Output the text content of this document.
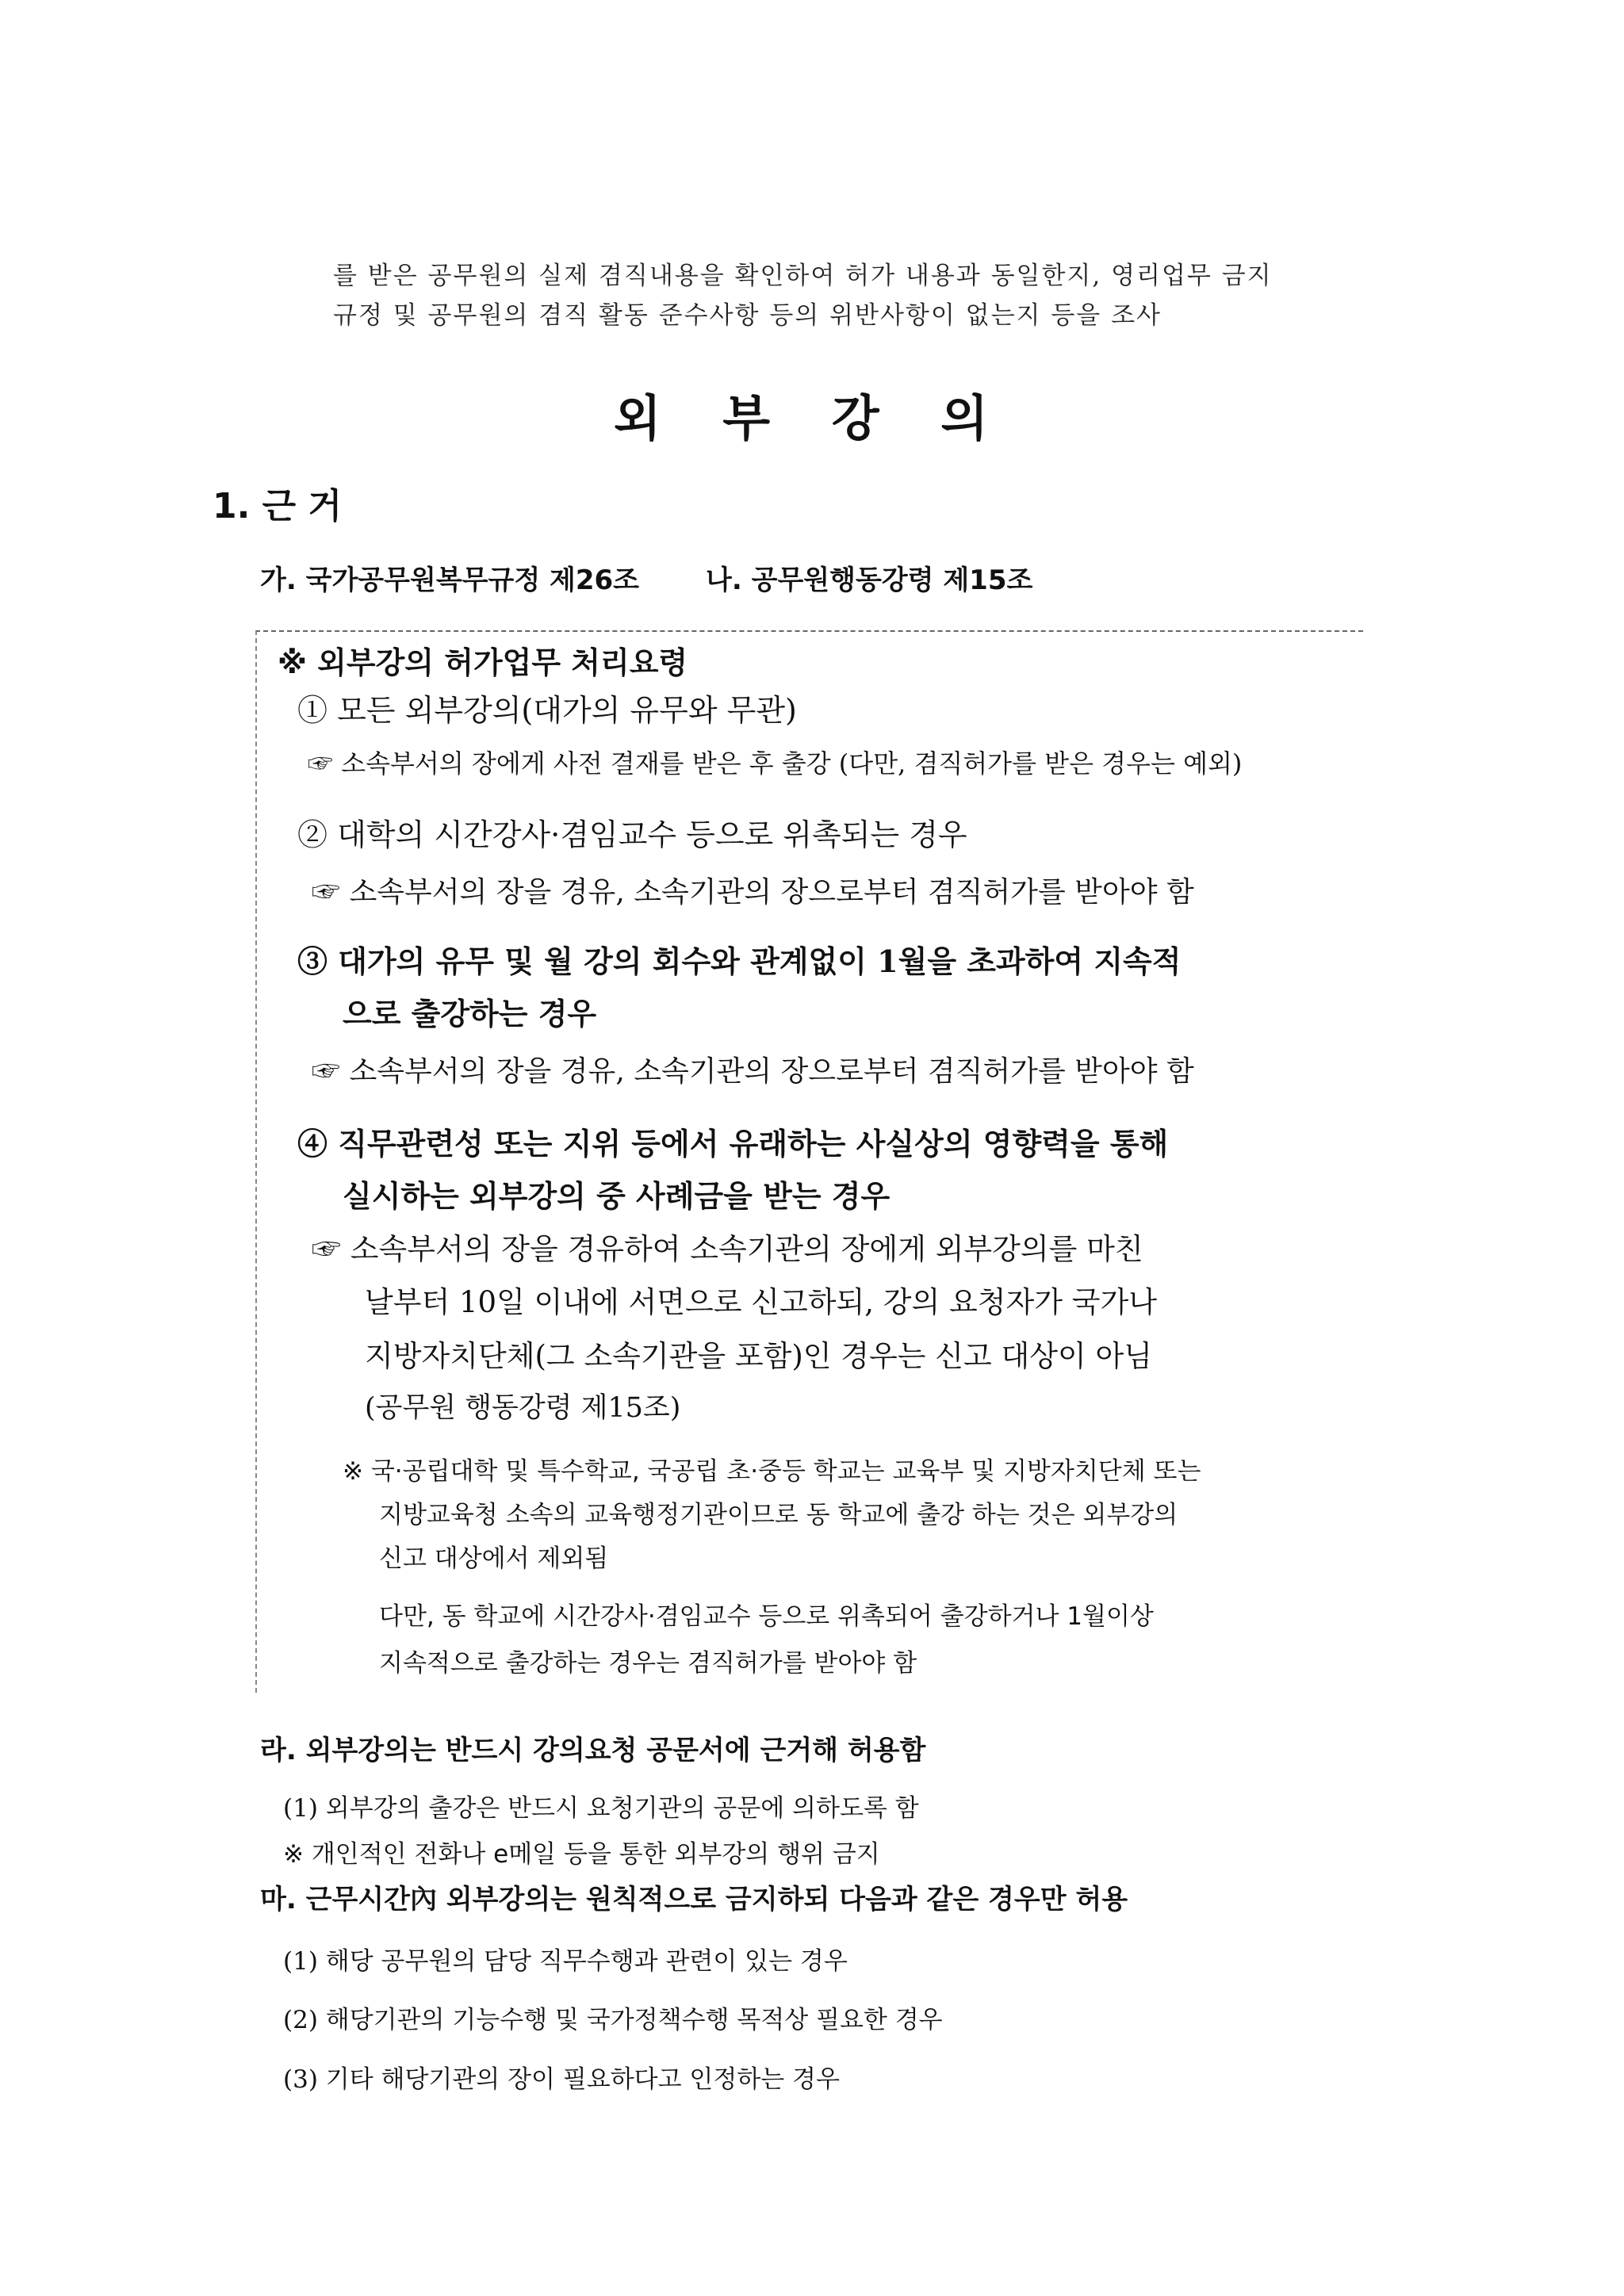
를 받은 공무원의 실제 겸직내용을 확인하여 허가 내용과 동일한지, 영리업무 금지
규정 및 공무원의 겸직 활동 준수사항 등의 위반사항이 없는지 등을 조사
외 부 강 의
1. 근 거
가. 국가공무원복무규정 제26조 나. 공무원행동강령 제15조
※ 외부강의 허가업무 처리요령
① 모든 외부강의(대가의 유무와 무관)
☞ 소속부서의 장에게 사전 결재를 받은 후 출강 (다만, 겸직허가를 받은 경우는 예외)
② 대학의 시간강사·겸임교수 등으로 위촉되는 경우
☞ 소속부서의 장을 경유, 소속기관의 장으로부터 겸직허가를 받아야 함
③ 대가의 유무 및 월 강의 회수와 관계없이 1월을 초과하여 지속적
으로 출강하는 경우
☞ 소속부서의 장을 경유, 소속기관의 장으로부터 겸직허가를 받아야 함
④ 직무관련성 또는 지위 등에서 유래하는 사실상의 영향력을 통해
실시하는 외부강의 중 사례금을 받는 경우
☞ 소속부서의 장을 경유하여 소속기관의 장에게 외부강의를 마친
날부터 10일 이내에 서면으로 신고하되, 강의 요청자가 국가나
지방자치단체(그 소속기관을 포함)인 경우는 신고 대상이 아님
(공무원 행동강령 제15조)
※ 국·공립대학 및 특수학교, 국공립 초·중등 학교는 교육부 및 지방자치단체 또는
지방교육청 소속의 교육행정기관이므로 동 학교에 출강 하는 것은 외부강의
신고 대상에서 제외됨
다만, 동 학교에 시간강사·겸임교수 등으로 위촉되어 출강하거나 1월이상
지속적으로 출강하는 경우는 겸직허가를 받아야 함
라. 외부강의는 반드시 강의요청 공문서에 근거해 허용함
(1) 외부강의 출강은 반드시 요청기관의 공문에 의하도록 함
※ 개인적인 전화나 e메일 등을 통한 외부강의 행위 금지
마. 근무시간內 외부강의는 원칙적으로 금지하되 다음과 같은 경우만 허용
(1) 해당 공무원의 담당 직무수행과 관련이 있는 경우
(2) 해당기관의 기능수행 및 국가정책수행 목적상 필요한 경우
(3) 기타 해당기관의 장이 필요하다고 인정하는 경우
